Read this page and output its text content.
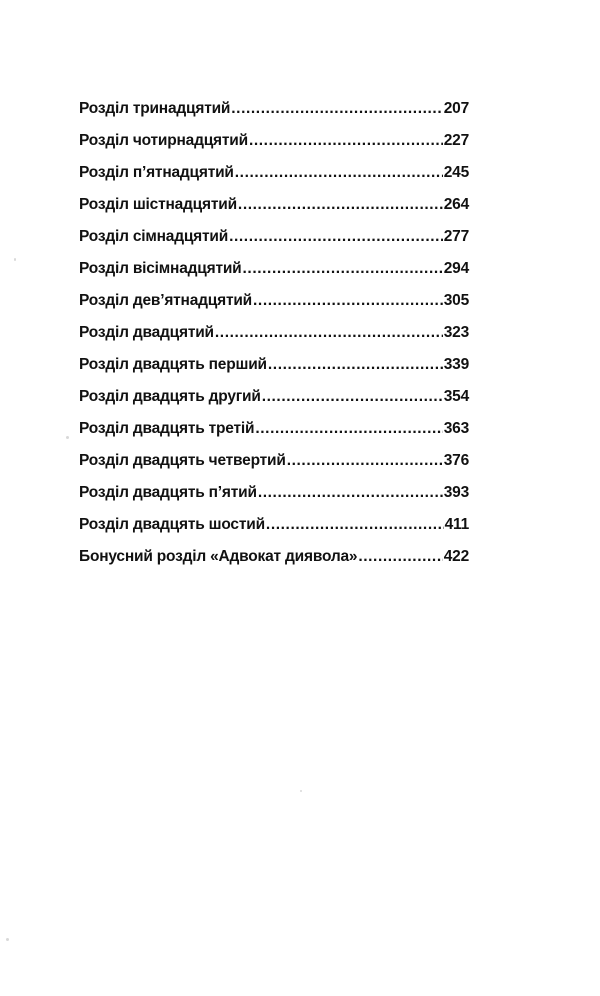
Розділ тринадцятий .....	207
Розділ чотирнадцятий .....	227
Розділ п’ятнадцятий .....	245
Розділ шістнадцятий .....	264
Розділ сімнадцятий .....	277
Розділ вісімнадцятий .....	294
Розділ дев’ятнадцятий .....	305
Розділ двадцятий .....	323
Розділ двадцять перший .....	339
Розділ двадцять другий .....	354
Розділ двадцять третій .....	363
Розділ двадцять четвертий .....	376
Розділ двадцять п’ятий .....	393
Розділ двадцять шостий .....	411
Бонусний розділ «Адвокат диявола» .....	422
